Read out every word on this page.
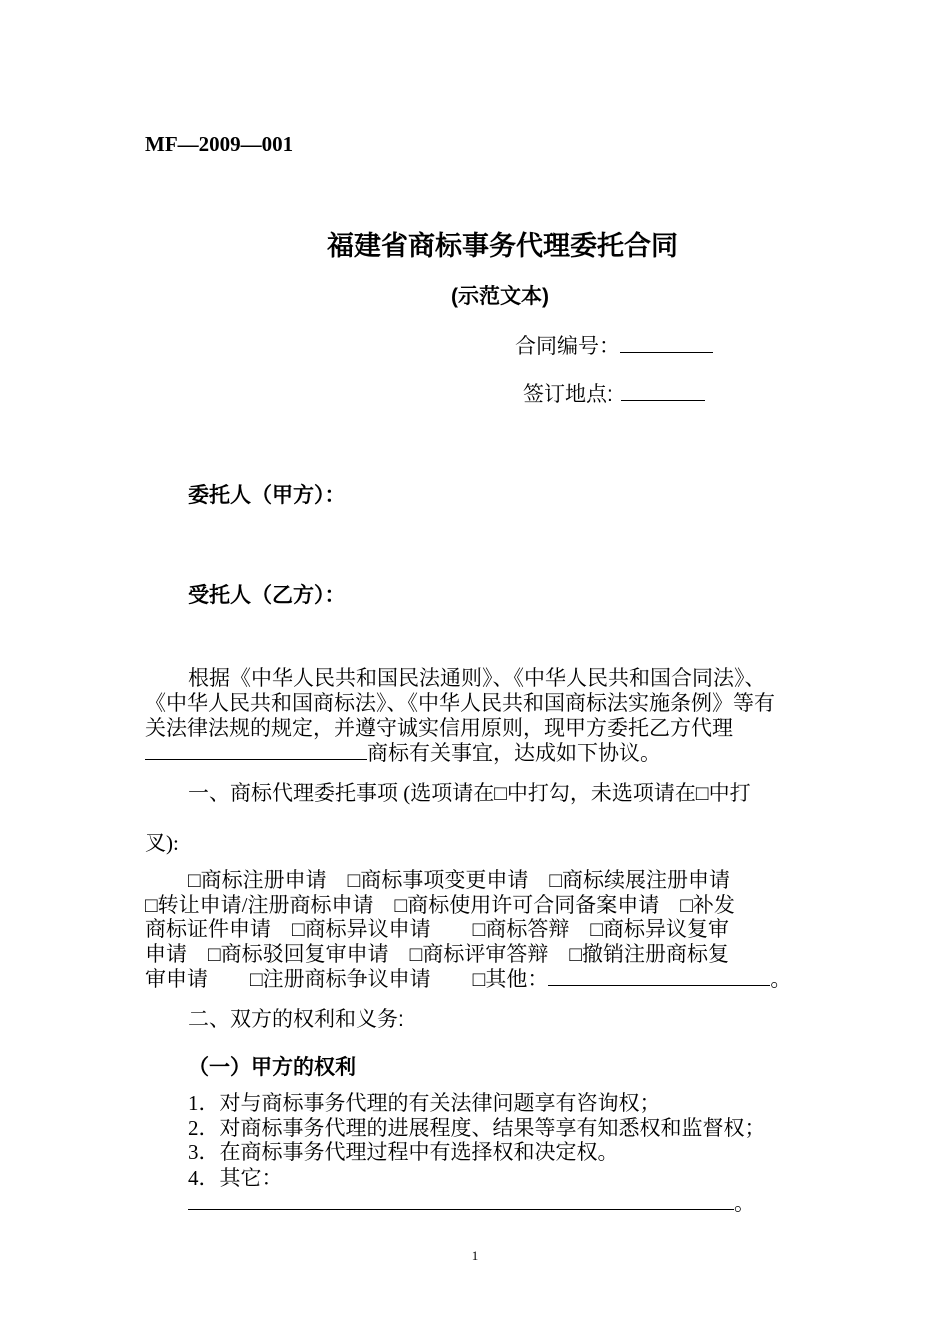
MF—2009—001
福建省商标事务代理委托合同
(示范文本)
合同编号：
签订地点:
委托人（甲方）：
受托人（乙方）：
根据《中华人民共和国民法通则》、《中华人民共和国合同法》、
《中华人民共和国商标法》、《中华人民共和国商标法实施条例》等有
关法律法规的规定，并遵守诚实信用原则，现甲方委托乙方代理
商标有关事宜，达成如下协议。
一、商标代理委托事项 (选项请在□中打勾，未选项请在□中打
叉):
□商标注册申请　□商标事项变更申请　□商标续展注册申请
□转让申请/注册商标申请　□商标使用许可合同备案申请　□补发
商标证件申请　□商标异议申请　　□商标答辩　□商标异议复审
申请　□商标驳回复审申请　□商标评审答辩　□撤销注册商标复
审申请　　□注册商标争议申请　　□其他：	。
二、双方的权利和义务:
（一）甲方的权利
1．对与商标事务代理的有关法律问题享有咨询权；
2．对商标事务代理的进展程度、结果等享有知悉权和监督权；
3．在商标事务代理过程中有选择权和决定权。
4．其它：
。
1
